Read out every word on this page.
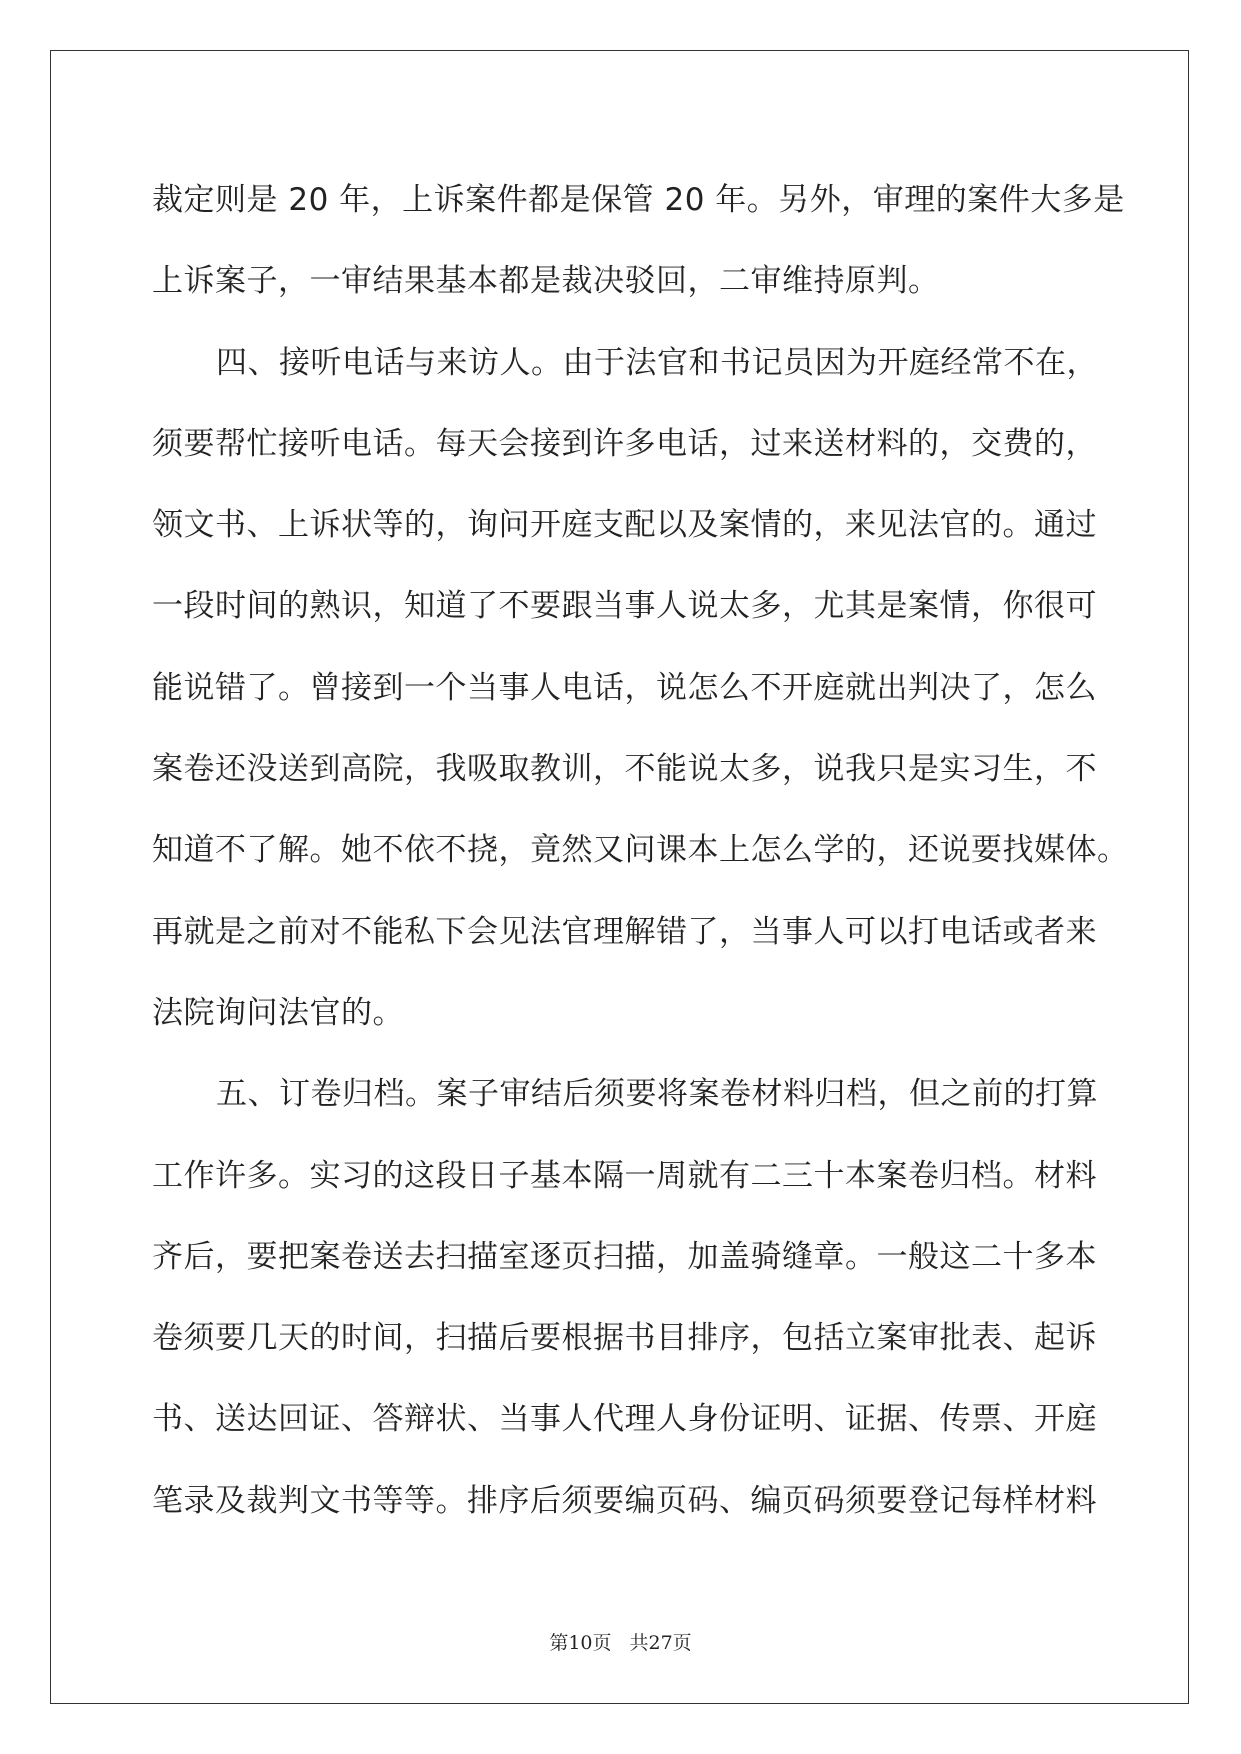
裁定则是 20 年，上诉案件都是保管 20 年。另外，审理的案件大多是
上诉案子，一审结果基本都是裁决驳回，二审维持原判。
四、接听电话与来访人。由于法官和书记员因为开庭经常不在，
须要帮忙接听电话。每天会接到许多电话，过来送材料的，交费的，
领文书、上诉状等的，询问开庭支配以及案情的，来见法官的。通过
一段时间的熟识，知道了不要跟当事人说太多，尤其是案情，你很可
能说错了。曾接到一个当事人电话，说怎么不开庭就出判决了，怎么
案卷还没送到高院，我吸取教训，不能说太多，说我只是实习生，不
知道不了解。她不依不挠，竟然又问课本上怎么学的，还说要找媒体。
再就是之前对不能私下会见法官理解错了，当事人可以打电话或者来
法院询问法官的。
五、订卷归档。案子审结后须要将案卷材料归档，但之前的打算
工作许多。实习的这段日子基本隔一周就有二三十本案卷归档。材料
齐后，要把案卷送去扫描室逐页扫描，加盖骑缝章。一般这二十多本
卷须要几天的时间，扫描后要根据书目排序，包括立案审批表、起诉
书、送达回证、答辩状、当事人代理人身份证明、证据、传票、开庭
笔录及裁判文书等等。排序后须要编页码、编页码须要登记每样材料
第10页 共27页
